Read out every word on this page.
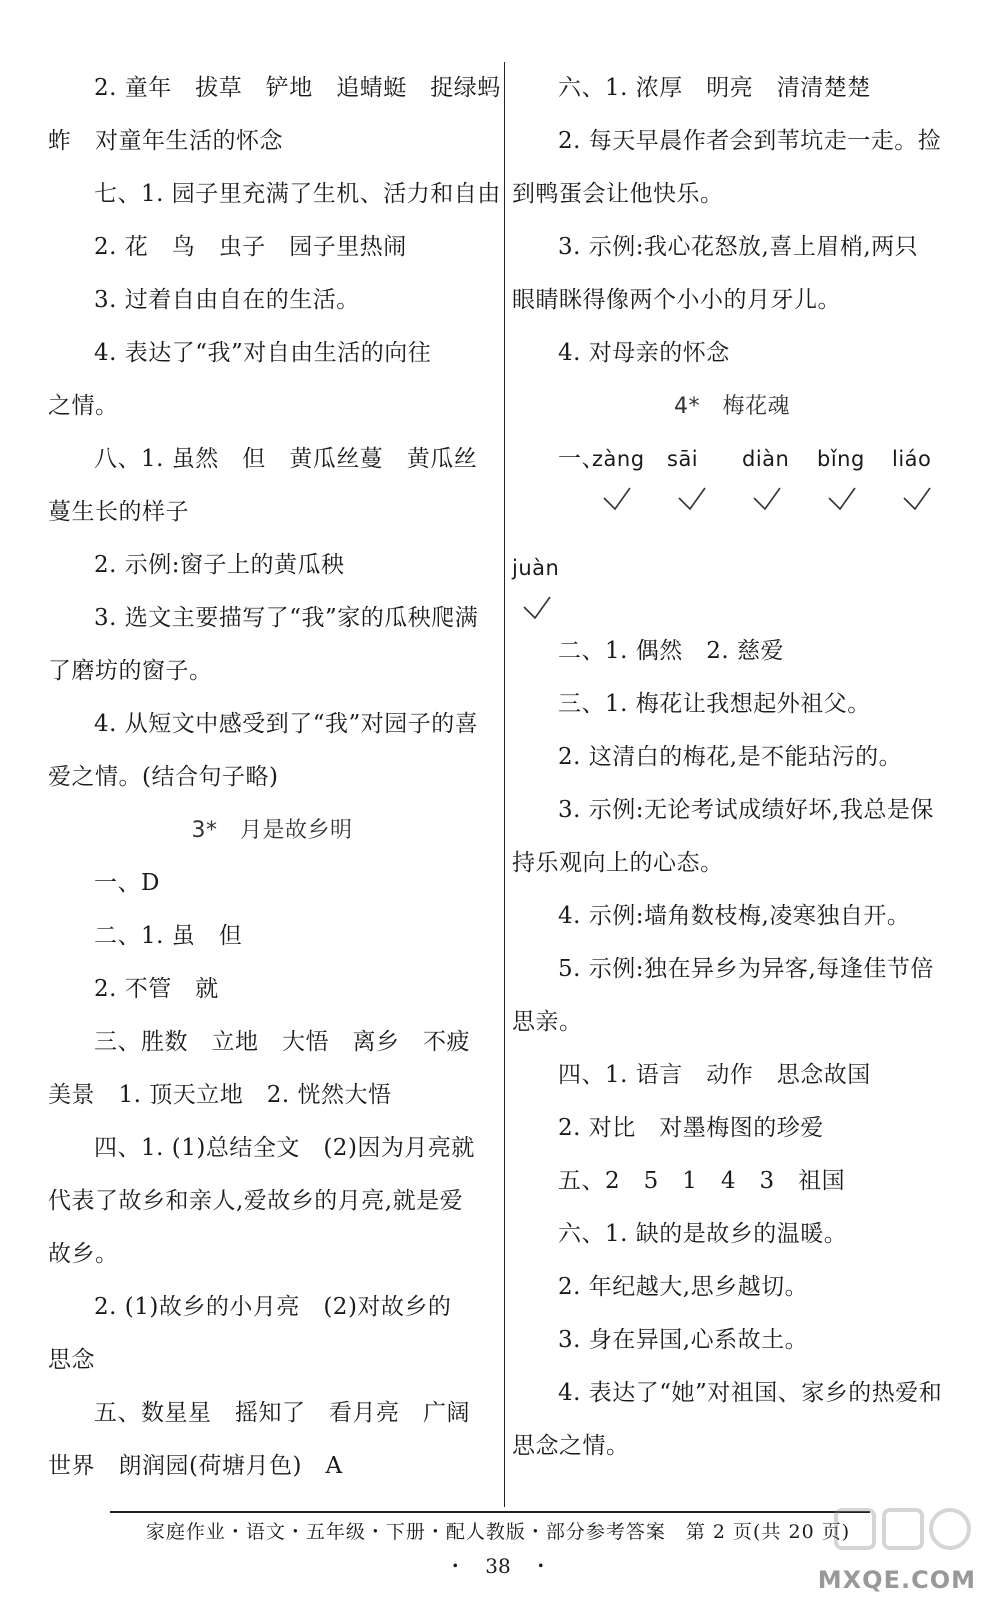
2. 童年　拔草　铲地　追蜻蜓　捉绿蚂
蚱　对童年生活的怀念
七、1. 园子里充满了生机、活力和自由
2. 花　鸟　虫子　园子里热闹
3. 过着自由自在的生活。
4. 表达了“我”对自由生活的向往
之情。
八、1. 虽然　但　黄瓜丝蔓　黄瓜丝
蔓生长的样子
2. 示例:窗子上的黄瓜秧
3. 选文主要描写了“我”家的瓜秧爬满
了磨坊的窗子。
4. 从短文中感受到了“我”对园子的喜
爱之情。(结合句子略)
3*　月是故乡明
一、D
二、1. 虽　但
2. 不管　就
三、胜数　立地　大悟　离乡　不疲
美景　1. 顶天立地　2. 恍然大悟
四、1. (1)总结全文　(2)因为月亮就
代表了故乡和亲人,爱故乡的月亮,就是爱
故乡。
2. (1)故乡的小月亮　(2)对故乡的
思念
五、数星星　摇知了　看月亮　广阔
世界　朗润园(荷塘月色)　A
六、1. 浓厚　明亮　清清楚楚
2. 每天早晨作者会到苇坑走一走。捡
到鸭蛋会让他快乐。
3. 示例:我心花怒放,喜上眉梢,两只
眼睛眯得像两个小小的月牙儿。
4. 对母亲的怀念
4*　梅花魂
一、
zàng sāi diàn bǐng liáo
juàn
二、1. 偶然　2. 慈爱
三、1. 梅花让我想起外祖父。
2. 这清白的梅花,是不能玷污的。
3. 示例:无论考试成绩好坏,我总是保
持乐观向上的心态。
4. 示例:墙角数枝梅,凌寒独自开。
5. 示例:独在异乡为异客,每逢佳节倍
思亲。
四、1. 语言　动作　思念故国
2. 对比　对墨梅图的珍爱
五、2　5　1　4　3　祖国
六、1. 缺的是故乡的温暖。
2. 年纪越大,思乡越切。
3. 身在异国,心系故土。
4. 表达了“她”对祖国、家乡的热爱和
思念之情。
家庭作业・语文・五年级・下册・配人教版・部分参考答案　第 2 页(共 20 页)
・　38　・	MXQE.COM
